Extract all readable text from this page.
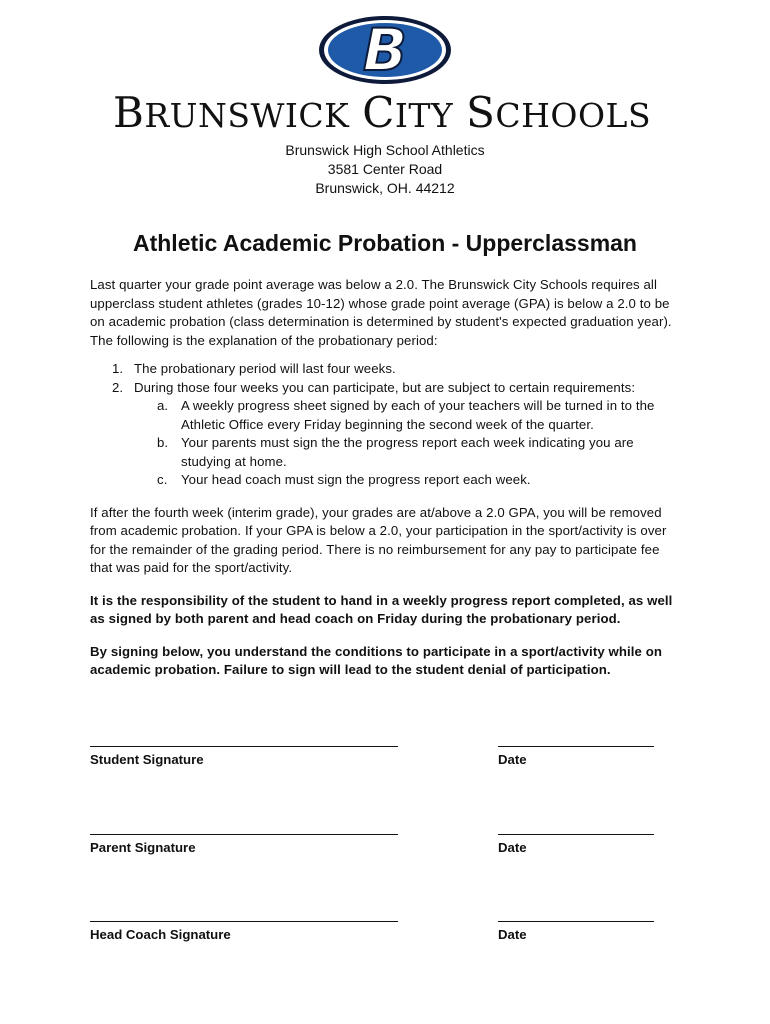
B
BRUNSWICK CITY SCHOOLS
Brunswick High School Athletics
3581 Center Road
Brunswick, OH. 44212
Athletic Academic Probation - Upperclassman

Last quarter your grade point average was below a 2.0. The Brunswick City Schools requires all upperclass student athletes (grades 10-12) whose grade point average (GPA) is below a 2.0 to be on academic probation (class determination is determined by student's expected graduation year). The following is the explanation of the probationary period:

1. The probationary period will last four weeks.
2. During those four weeks you can participate, but are subject to certain requirements:
a. A weekly progress sheet signed by each of your teachers will be turned in to the Athletic Office every Friday beginning the second week of the quarter.
b. Your parents must sign the the progress report each week indicating you are studying at home.
c. Your head coach must sign the progress report each week.

If after the fourth week (interim grade), your grades are at/above a 2.0 GPA, you will be removed from academic probation. If your GPA is below a 2.0, your participation in the sport/activity is over for the remainder of the grading period. There is no reimbursement for any pay to participate fee that was paid for the sport/activity.

It is the responsibility of the student to hand in a weekly progress report completed, as well as signed by both parent and head coach on Friday during the probationary period.

By signing below, you understand the conditions to participate in a sport/activity while on academic probation. Failure to sign will lead to the student denial of participation.

Student Signature	Date
Parent Signature	Date
Head Coach Signature	Date
